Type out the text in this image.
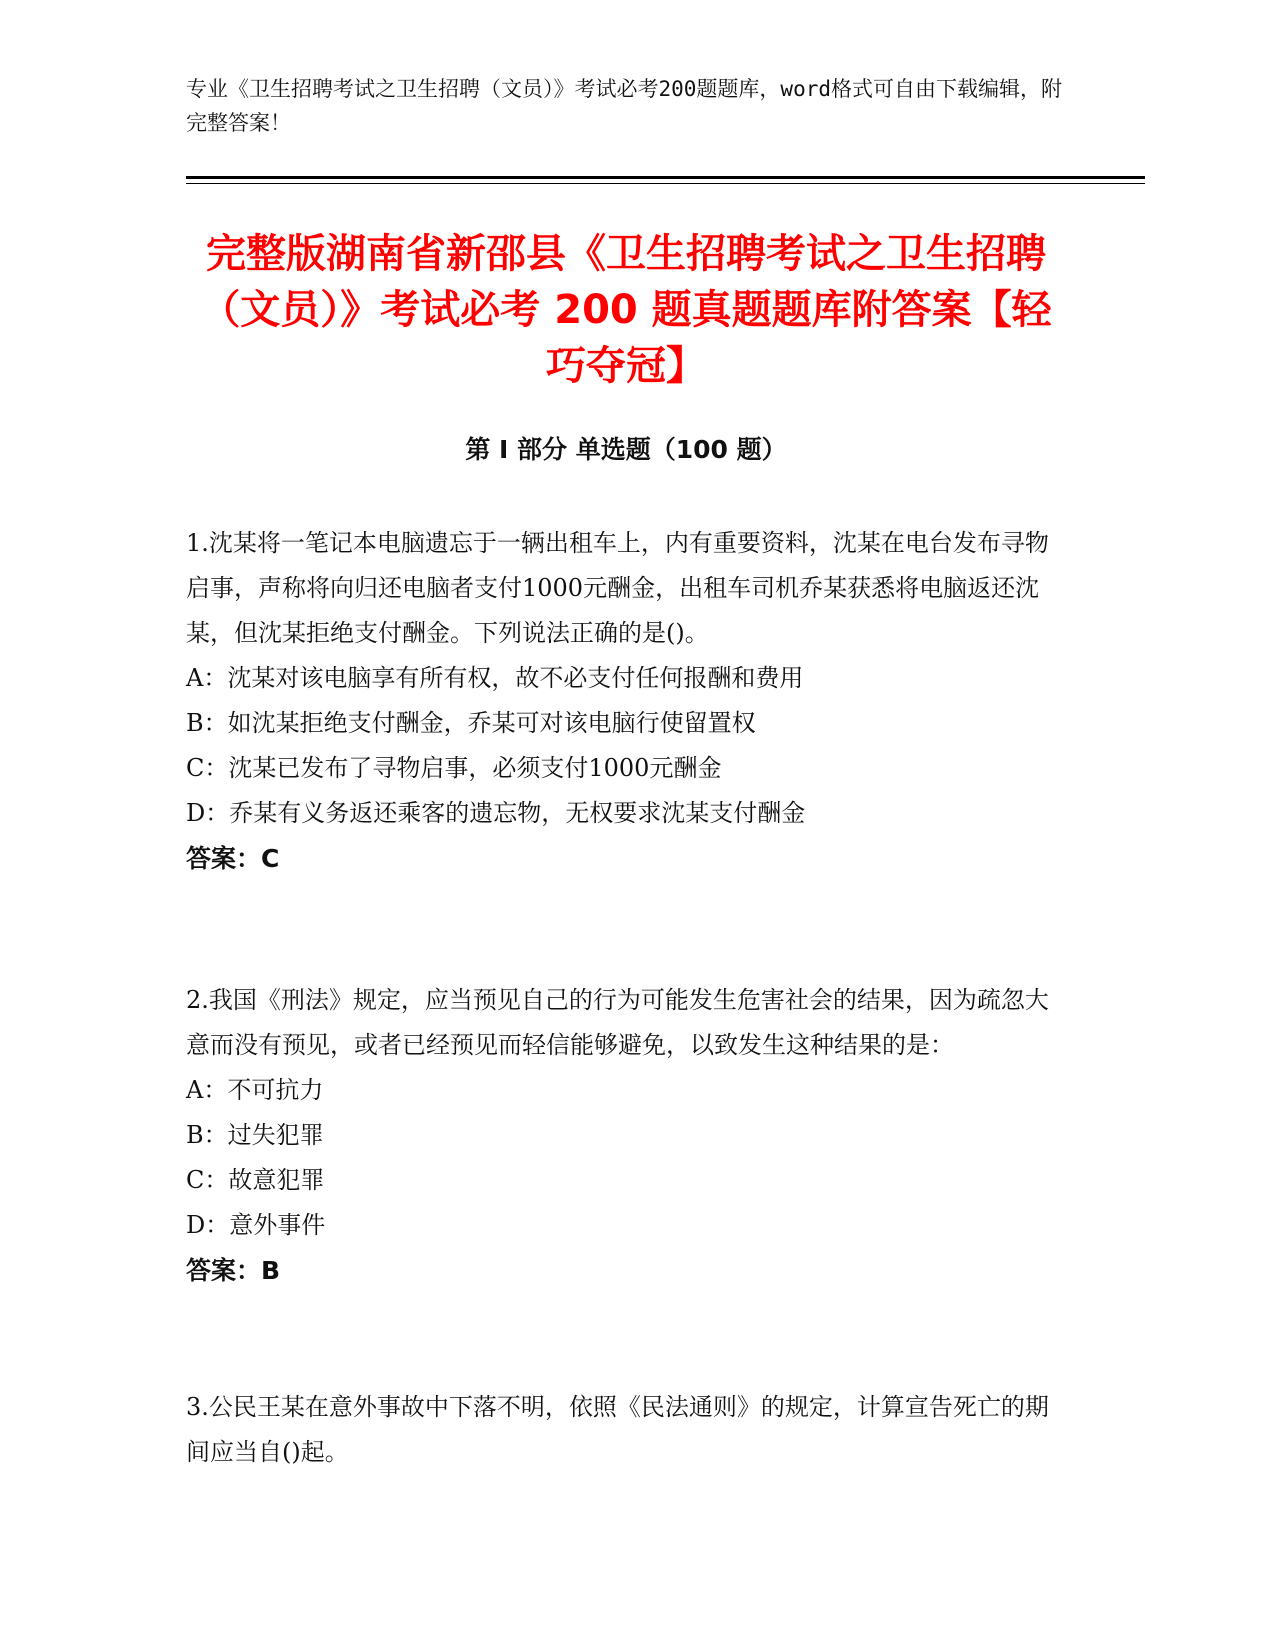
专业《卫生招聘考试之卫生招聘（文员）》考试必考200题题库，word格式可自由下载编辑，附完整答案！
完整版湖南省新邵县《卫生招聘考试之卫生招聘（文员）》考试必考 200 题真题题库附答案【轻巧夺冠】
第 I 部分 单选题（100 题）

1.沈某将一笔记本电脑遗忘于一辆出租车上，内有重要资料，沈某在电台发布寻物启事，声称将向归还电脑者支付1000元酬金，出租车司机乔某获悉将电脑返还沈某，但沈某拒绝支付酬金。下列说法正确的是()。

A：沈某对该电脑享有所有权，故不必支付任何报酬和费用

B：如沈某拒绝支付酬金，乔某可对该电脑行使留置权

C：沈某已发布了寻物启事，必须支付1000元酬金

D：乔某有义务返还乘客的遗忘物，无权要求沈某支付酬金

答案：C

2.我国《刑法》规定，应当预见自己的行为可能发生危害社会的结果，因为疏忽大意而没有预见，或者已经预见而轻信能够避免，以致发生这种结果的是：

A：不可抗力

B：过失犯罪

C：故意犯罪

D：意外事件

答案：B

3.公民王某在意外事故中下落不明，依照《民法通则》的规定，计算宣告死亡的期间应当自()起。
